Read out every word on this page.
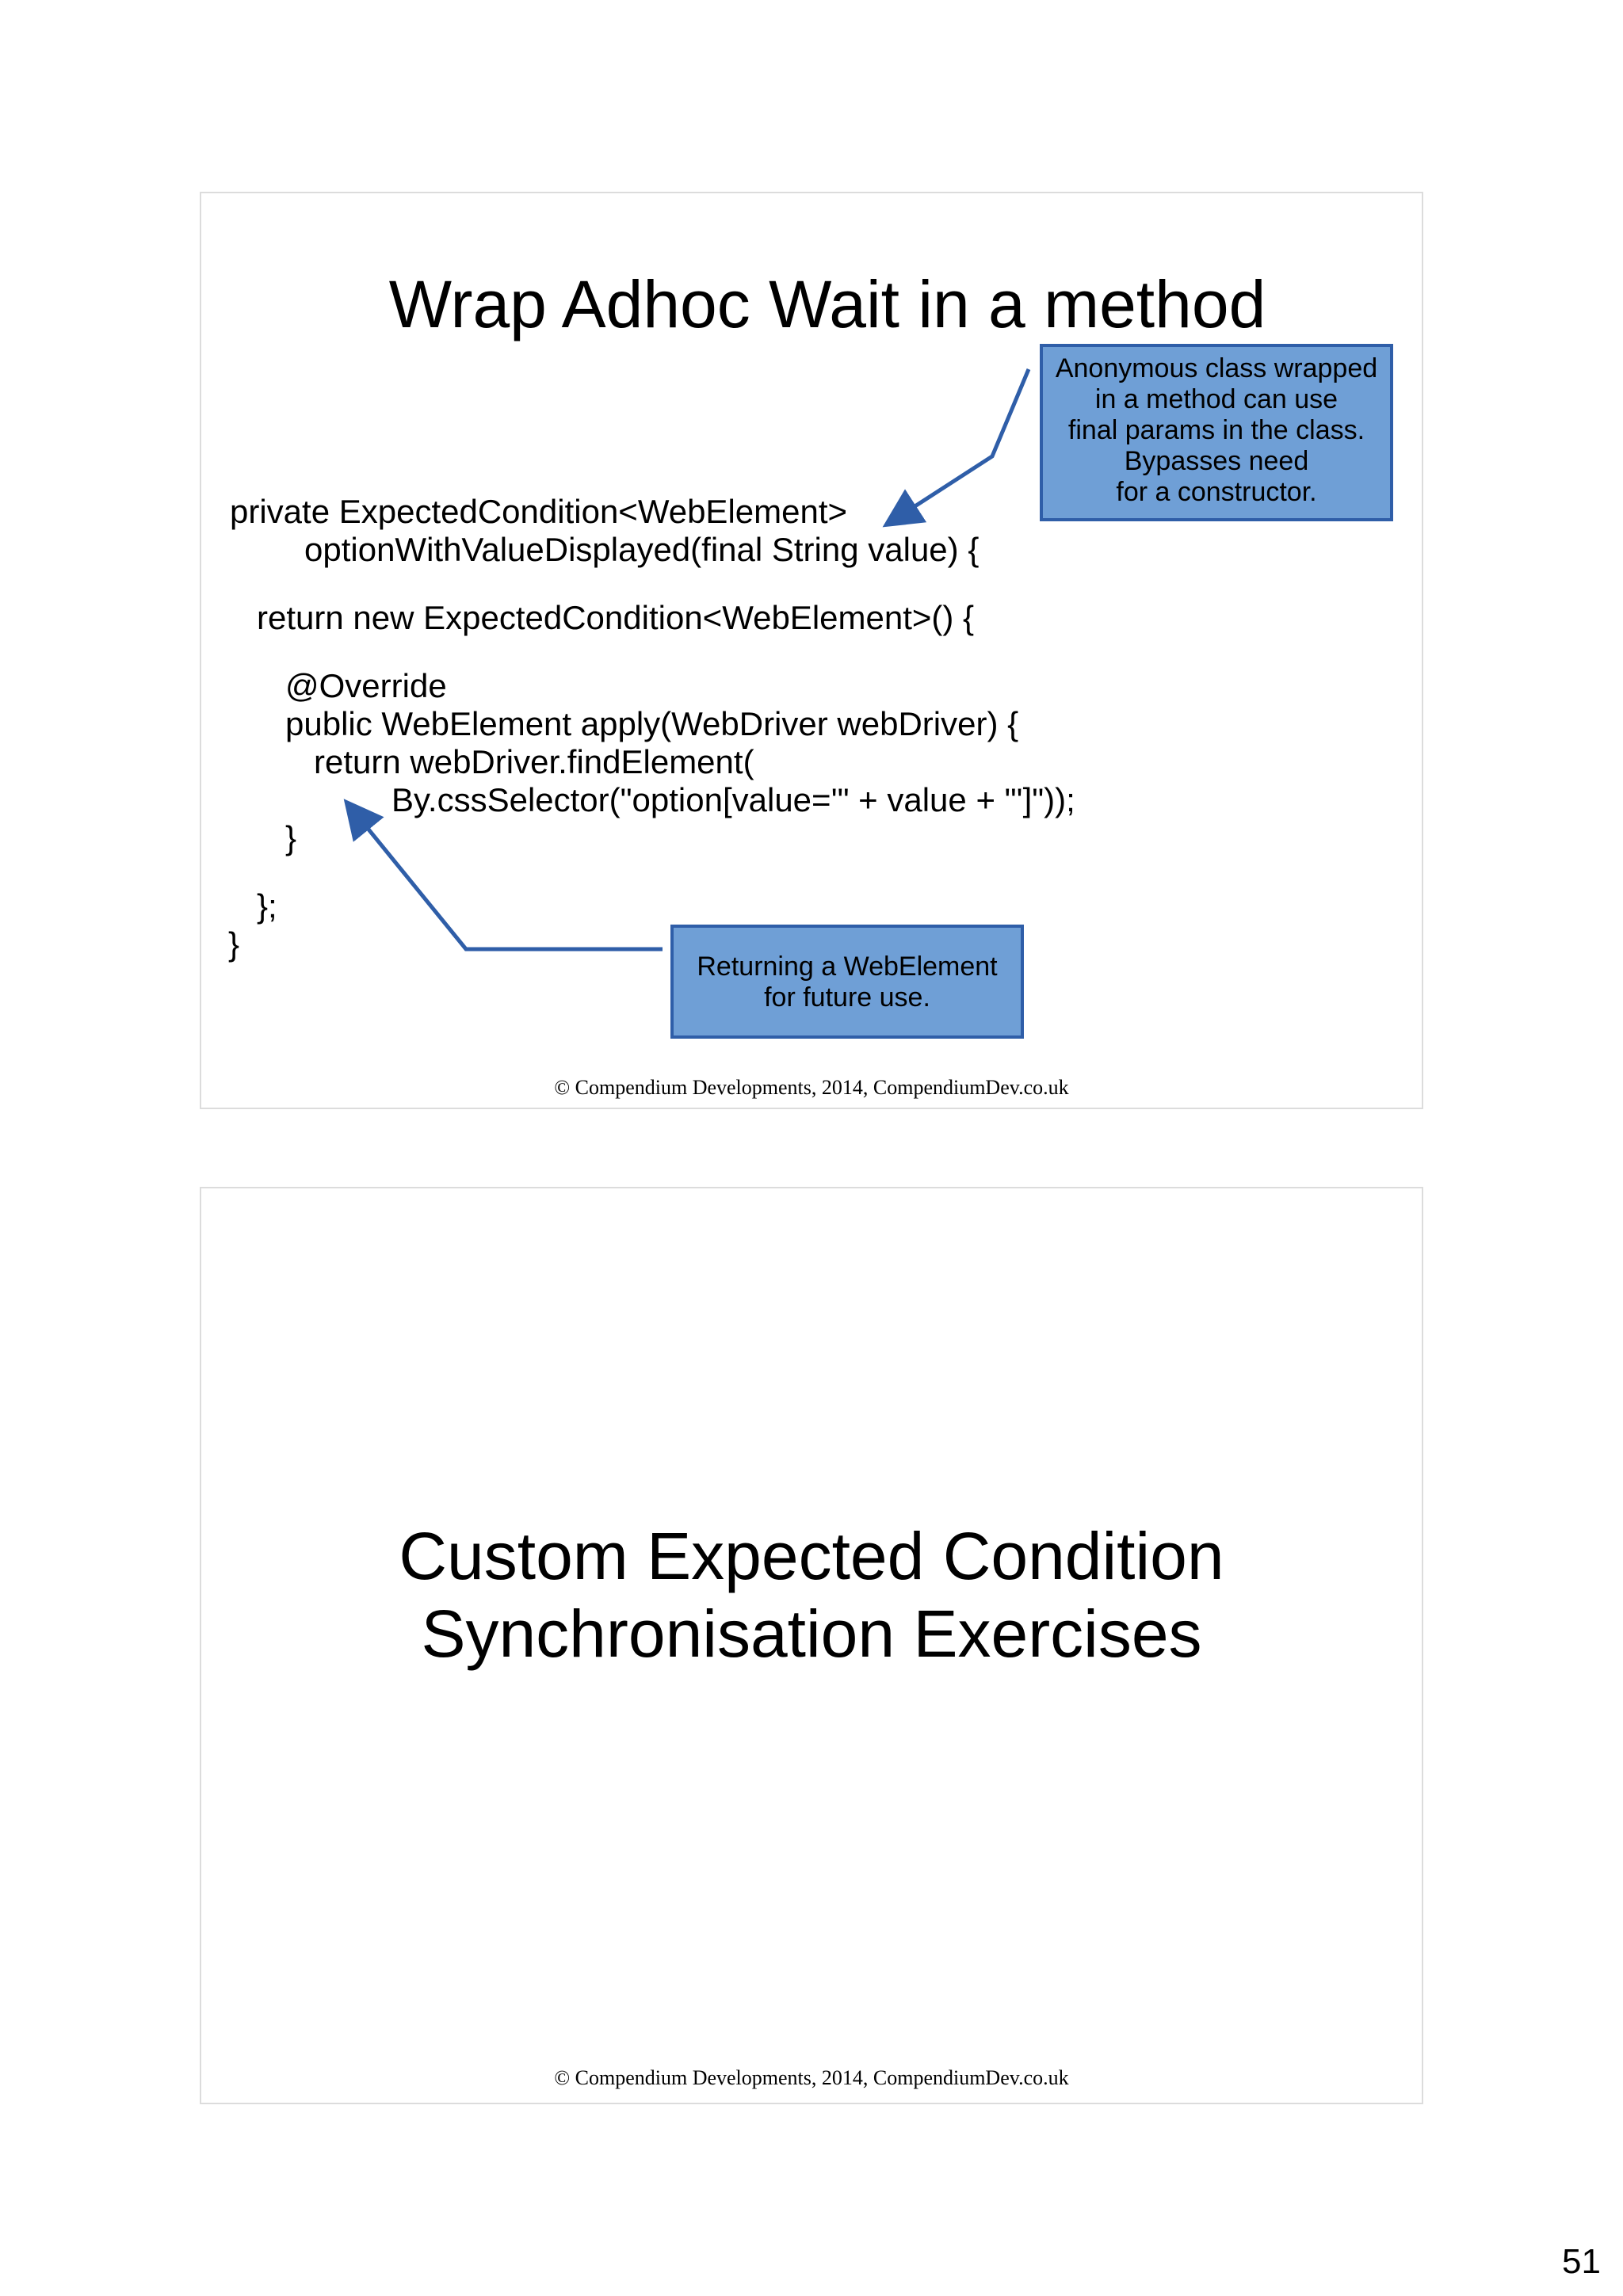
Wrap Adhoc Wait in a method
private ExpectedCondition<WebElement>
optionWithValueDisplayed(final String value) {
return new ExpectedCondition<WebElement>() {
@Override
public WebElement apply(WebDriver webDriver) {
return webDriver.findElement(
By.cssSelector("option[value='" + value + "']"));
}
};
}
Anonymous class wrapped
in a method can use
final params in the class.
Bypasses need
for a constructor.
Returning a WebElement
for future use.
© Compendium Developments, 2014, CompendiumDev.co.uk
Custom Expected Condition
Synchronisation Exercises
© Compendium Developments, 2014, CompendiumDev.co.uk
51
